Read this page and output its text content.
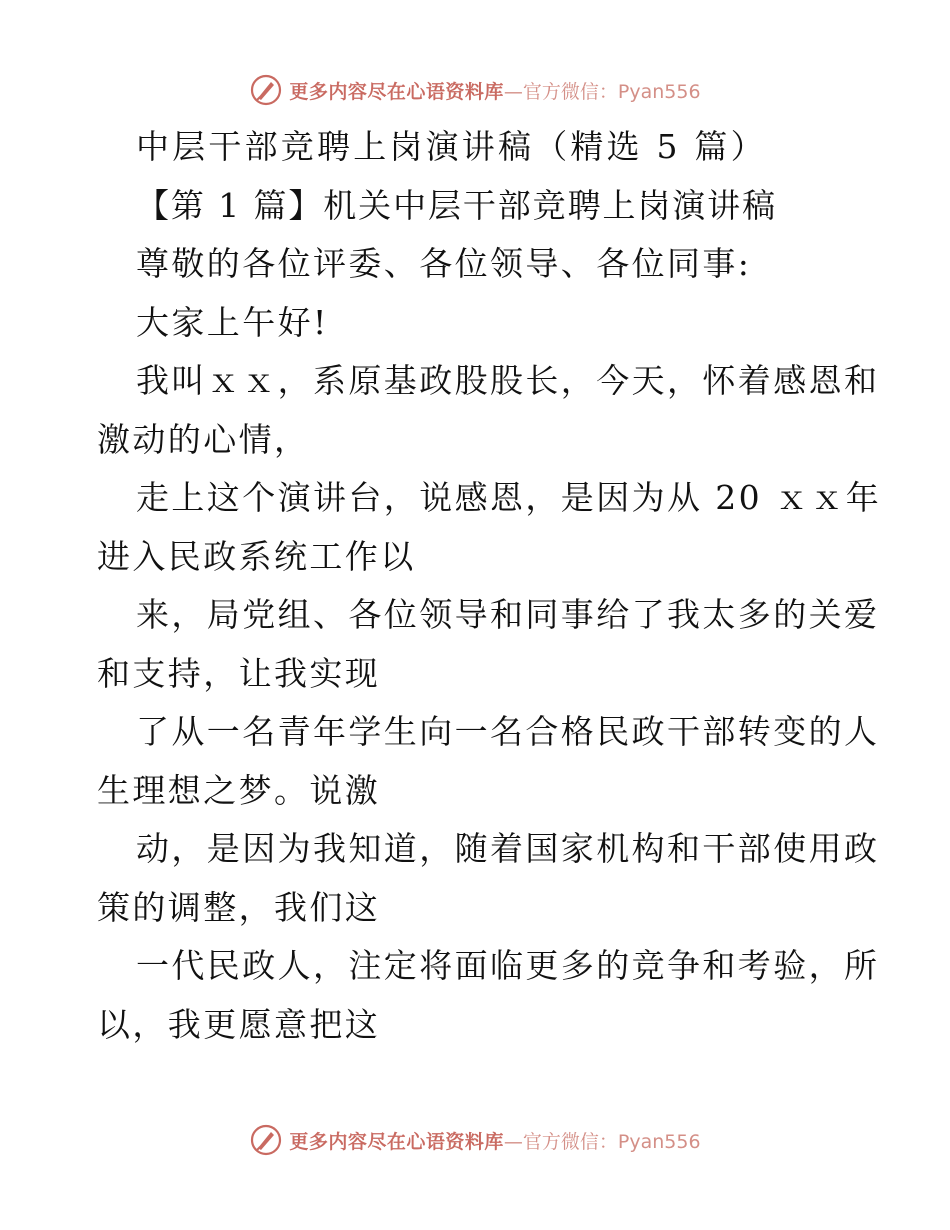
更多内容尽在心语资料库 —官方微信：Pyan556
中层干部竞聘上岗演讲稿（精选 5 篇）
【第 1 篇】机关中层干部竞聘上岗演讲稿
尊敬的各位评委、各位领导、各位同事:
大家上午好!
我叫ｘｘ，系原基政股股长，今天，怀着感恩和
激动的心情，
走上这个演讲台，说感恩，是因为从 20 ｘｘ年
进入民政系统工作以
来，局党组、各位领导和同事给了我太多的关爱
和支持，让我实现
了从一名青年学生向一名合格民政干部转变的人
生理想之梦。说激
动，是因为我知道，随着国家机构和干部使用政
策的调整，我们这
一代民政人，注定将面临更多的竞争和考验，所
以，我更愿意把这
更多内容尽在心语资料库 —官方微信：Pyan556
